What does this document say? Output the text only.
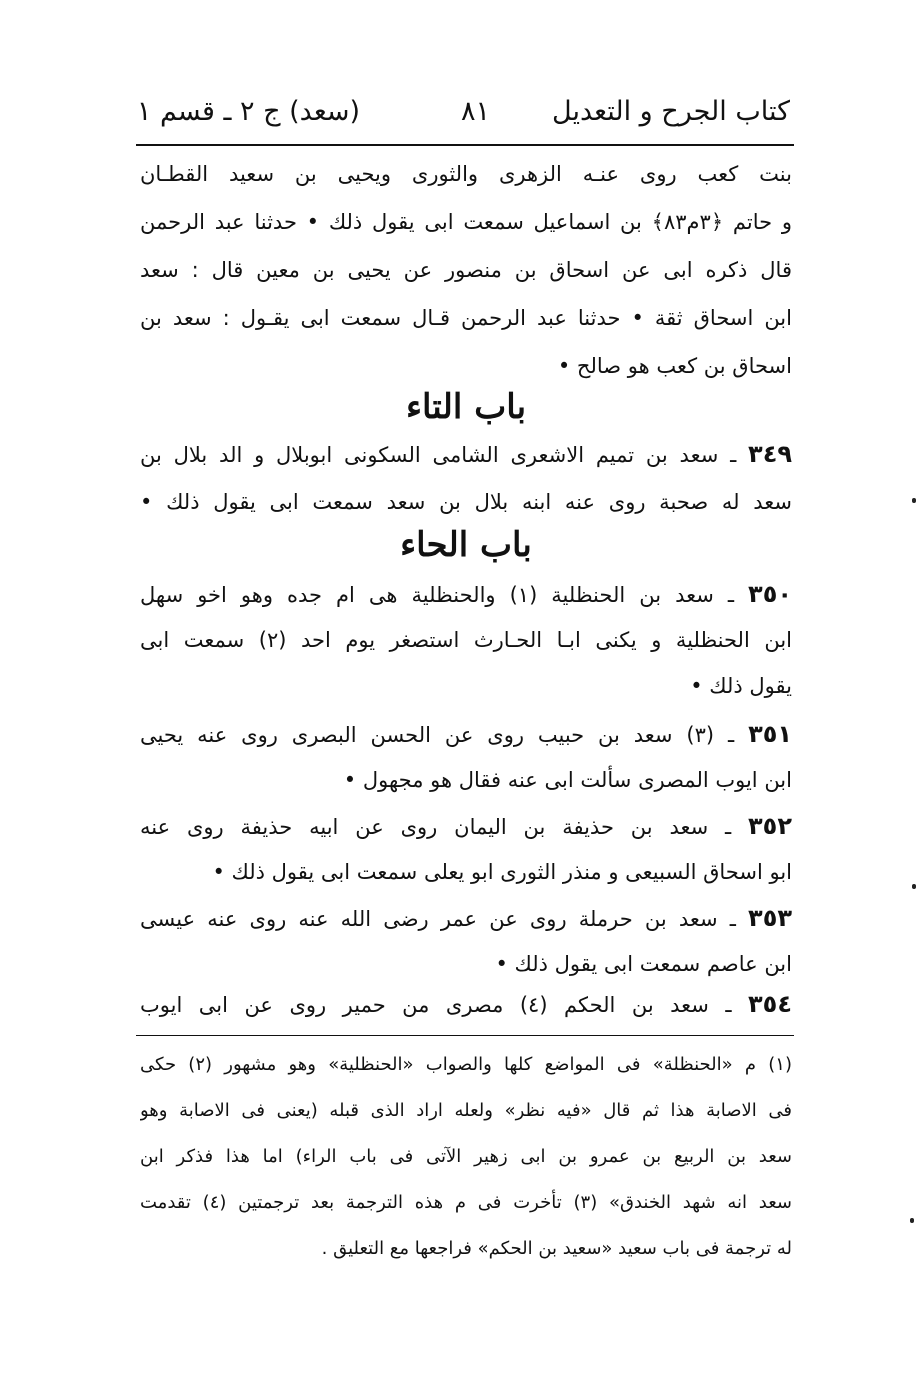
كتاب الجرح و التعديل
٨١
(سعد) ج ٢ ـ قسم ١
بنت كعب روى عنـه الزهرى والثورى ويحيى بن سعيد القطـان
و حاتم ﴿٣م٨٣﴾ بن اسماعيل سمعت ابى يقول ذلك • حدثنا عبد الرحمن
قال ذكره ابى عن اسحاق بن منصور عن يحيى بن معين قال : سعد
ابن اسحاق ثقة • حدثنا عبد الرحمن قـال سمعت ابى يقـول : سعد بن
اسحاق بن كعب هو صالح •
باب التاء
٣٤٩ ـ سعد بن تميم الاشعرى الشامى السكونى ابوبلال و الد بلال بن
سعد له صحبة روى عنه ابنه بلال بن سعد سمعت ابى يقول ذلك •
باب الحاء
٣٥٠ ـ سعد بن الحنظلية (١) والحنظلية هى ام جده وهو اخو سهل
ابن الحنظلية و يكنى ابـا الحـارث استصغر يوم احد (٢) سمعت ابى
يقول ذلك •
٣٥١ ـ (٣) سعد بن حبيب روى عن الحسن البصرى روى عنه يحيى
ابن ايوب المصرى سألت ابى عنه فقال هو مجهول •
٣٥٢ ـ سعد بن حذيفة بن اليمان روى عن ابيه حذيفة روى عنه
ابو اسحاق السبيعى و منذر الثورى ابو يعلى سمعت ابى يقول ذلك •
٣٥٣ ـ سعد بن حرملة روى عن عمر رضى الله عنه روى عنه عيسى
ابن عاصم سمعت ابى يقول ذلك •
٣٥٤ ـ سعد بن الحكم (٤) مصرى من حمير روى عن ابى ايوب
(١) م «الحنظلة» فى المواضع كلها والصواب «الحنظلية» وهو مشهور (٢) حكى
فى الاصابة هذا ثم قال «فيه نظر» ولعله اراد الذى قبله (يعنى فى الاصابة وهو
سعد بن الربيع بن عمرو بن ابى زهير الآتى فى باب الراء) اما هذا فذكر ابن
سعد انه شهد الخندق» (٣) تأخرت فى م هذه الترجمة بعد ترجمتين (٤) تقدمت
له ترجمة فى باب سعيد «سعيد بن الحكم» فراجعها مع التعليق .
